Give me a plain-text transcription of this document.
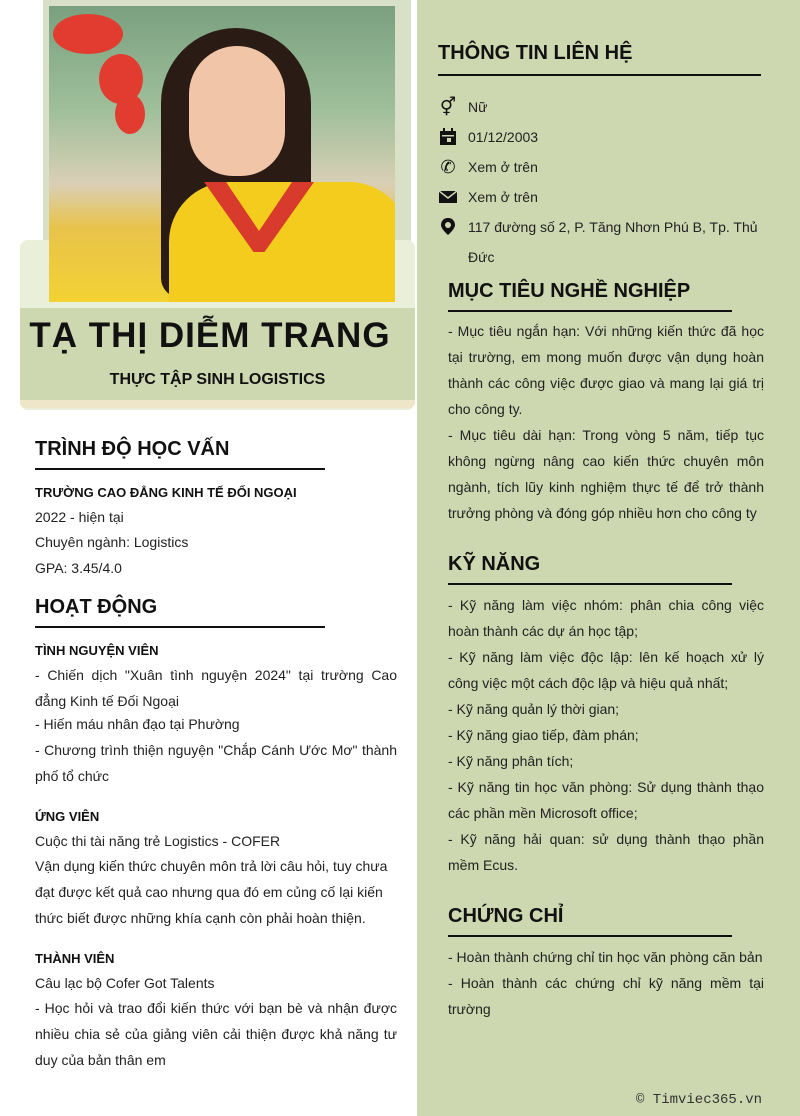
TẠ THỊ DIỄM TRANG
THỰC TẬP SINH LOGISTICS
THÔNG TIN LIÊN HỆ
⚥ Nữ
01/12/2003
✆ Xem ở trên
Xem ở trên
117 đường số 2, P. Tăng Nhơn Phú B, Tp. Thủ Đức
MỤC TIÊU NGHỀ NGHIỆP
- Mục tiêu ngắn hạn: Với những kiến thức đã học tại trường, em mong muốn được vận dụng hoàn thành các công việc được giao và mang lại giá trị cho công ty.
- Mục tiêu dài hạn: Trong vòng 5 năm, tiếp tục không ngừng nâng cao kiến thức chuyên môn ngành, tích lũy kinh nghiệm thực tế để trở thành trưởng phòng và đóng góp nhiều hơn cho công ty
KỸ NĂNG
- Kỹ năng làm việc nhóm: phân chia công việc hoàn thành các dự án học tập;
- Kỹ năng làm việc độc lập: lên kế hoạch xử lý công việc một cách độc lập và hiệu quả nhất;
- Kỹ năng quản lý thời gian;
- Kỹ năng giao tiếp, đàm phán;
- Kỹ năng phân tích;
- Kỹ năng tin học văn phòng: Sử dụng thành thạo các phần mền Microsoft office;
- Kỹ năng hải quan: sử dụng thành thạo phần mềm Ecus.
CHỨNG CHỈ
- Hoàn thành chứng chỉ tin học văn phòng căn bản
- Hoàn thành các chứng chỉ kỹ năng mềm tại trường
TRÌNH ĐỘ HỌC VẤN
TRƯỜNG CAO ĐẲNG KINH TẾ ĐỐI NGOẠI
2022 - hiện tại
Chuyên ngành: Logistics
GPA: 3.45/4.0
HOẠT ĐỘNG
TÌNH NGUYỆN VIÊN
- Chiến dịch "Xuân tình nguyện 2024" tại trường Cao đẳng Kinh tế Đối Ngoại
- Hiến máu nhân đạo tại Phường
- Chương trình thiện nguyện "Chắp Cánh Ước Mơ" thành phố tổ chức
ỨNG VIÊN
Cuộc thi tài năng trẻ Logistics - COFER
Vận dụng kiến thức chuyên môn trả lời câu hỏi, tuy chưa đạt được kết quả cao nhưng qua đó em củng cố lại kiến thức biết được những khía cạnh còn phải hoàn thiện.
THÀNH VIÊN
Câu lạc bộ Cofer Got Talents
- Học hỏi và trao đổi kiến thức với bạn bè và nhận được nhiều chia sẻ của giảng viên cải thiện được khả năng tư duy của bản thân em
© Timviec365.vn
